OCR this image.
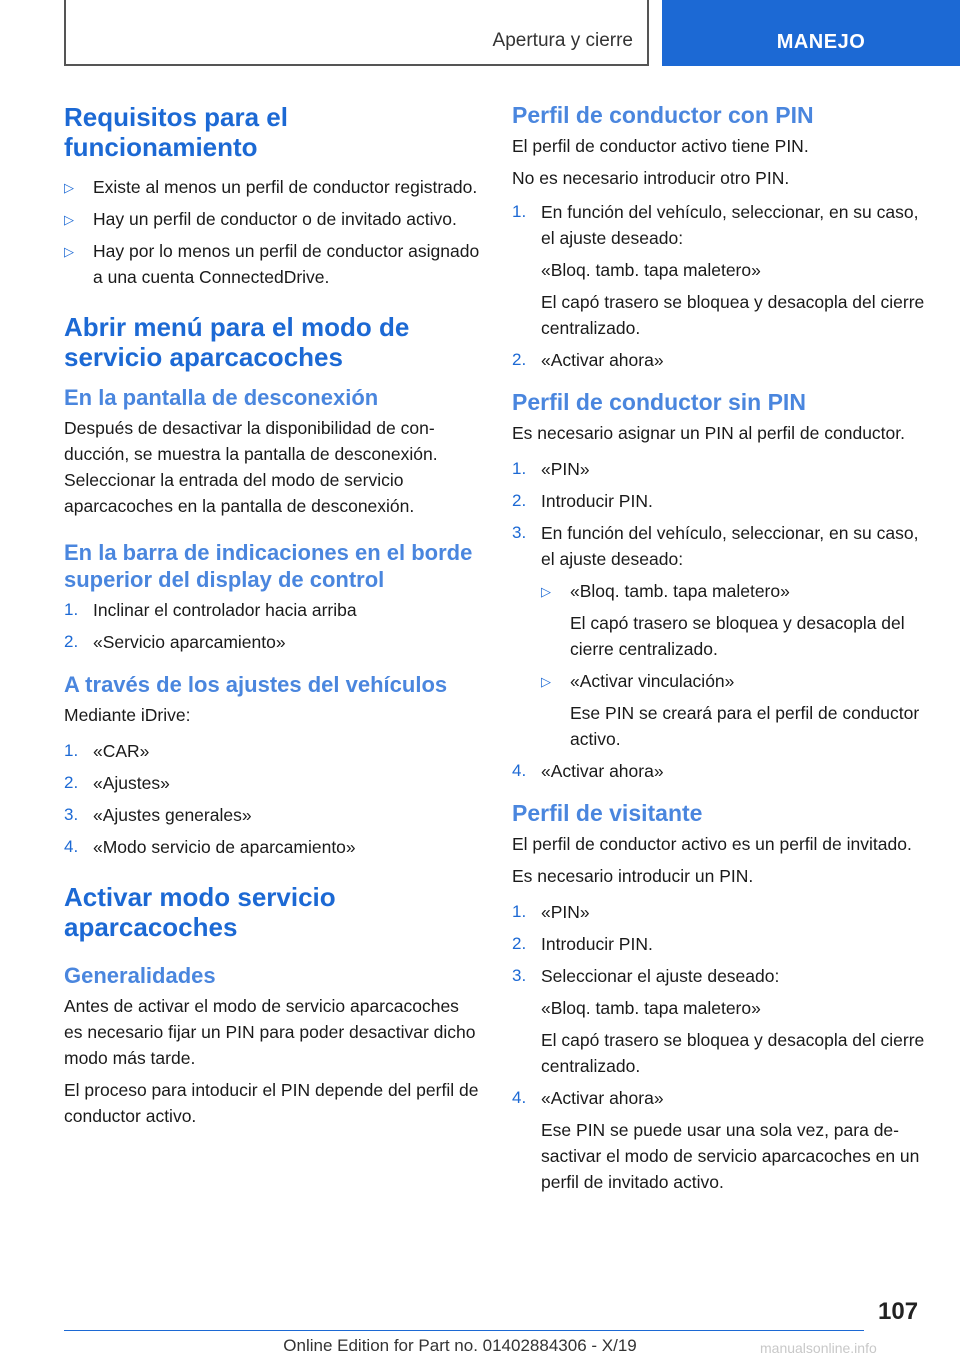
Apertura y cierre	MANEJO
Requisitos para el funcionamiento
▷ Existe al menos un perfil de conductor registrado.
▷ Hay un perfil de conductor o de invitado activo.
▷ Hay por lo menos un perfil de conductor asignado a una cuenta ConnectedDrive.
Abrir menú para el modo de servicio aparcacoches
En la pantalla de desconexión

Después de desactivar la disponibilidad de conducción, se muestra la pantalla de desconexión. Seleccionar la entrada del modo de servicio aparcacoches en la pantalla de desconexión.

En la barra de indicaciones en el borde superior del display de control
1. Inclinar el controlador hacia arriba
2. «Servicio aparcamiento»
A través de los ajustes del vehículos

Mediante iDrive:

1. «CAR»
2. «Ajustes»
3. «Ajustes generales»
4. «Modo servicio de aparcamiento»
Activar modo servicio aparcacoches
Generalidades

Antes de activar el modo de servicio aparcacoches es necesario fijar un PIN para poder desactivar dicho modo más tarde.

El proceso para intoducir el PIN depende del perfil de conductor activo.

Perfil de conductor con PIN

El perfil de conductor activo tiene PIN.

No es necesario introducir otro PIN.

1. En función del vehículo, seleccionar, en su caso, el ajuste deseado:
«Bloq. tamb. tapa maletero»
El capó trasero se bloquea y desacopla del cierre centralizado.
2. «Activar ahora»
Perfil de conductor sin PIN

Es necesario asignar un PIN al perfil de conductor.

1. «PIN»
2. Introducir PIN.
3. En función del vehículo, seleccionar, en su caso, el ajuste deseado:
▷ «Bloq. tamb. tapa maletero»
El capó trasero se bloquea y desacopla del cierre centralizado.
▷ «Activar vinculación»
Ese PIN se creará para el perfil de conductor activo.
4. «Activar ahora»
Perfil de visitante

El perfil de conductor activo es un perfil de invitado.

Es necesario introducir un PIN.

1. «PIN»
2. Introducir PIN.
3. Seleccionar el ajuste deseado:
«Bloq. tamb. tapa maletero»
El capó trasero se bloquea y desacopla del cierre centralizado.
4. «Activar ahora»
Ese PIN se puede usar una sola vez, para desactivar el modo de servicio aparcacoches en un perfil de invitado activo.
107
Online Edition for Part no. 01402884306 - X/19	manualsonline.info
